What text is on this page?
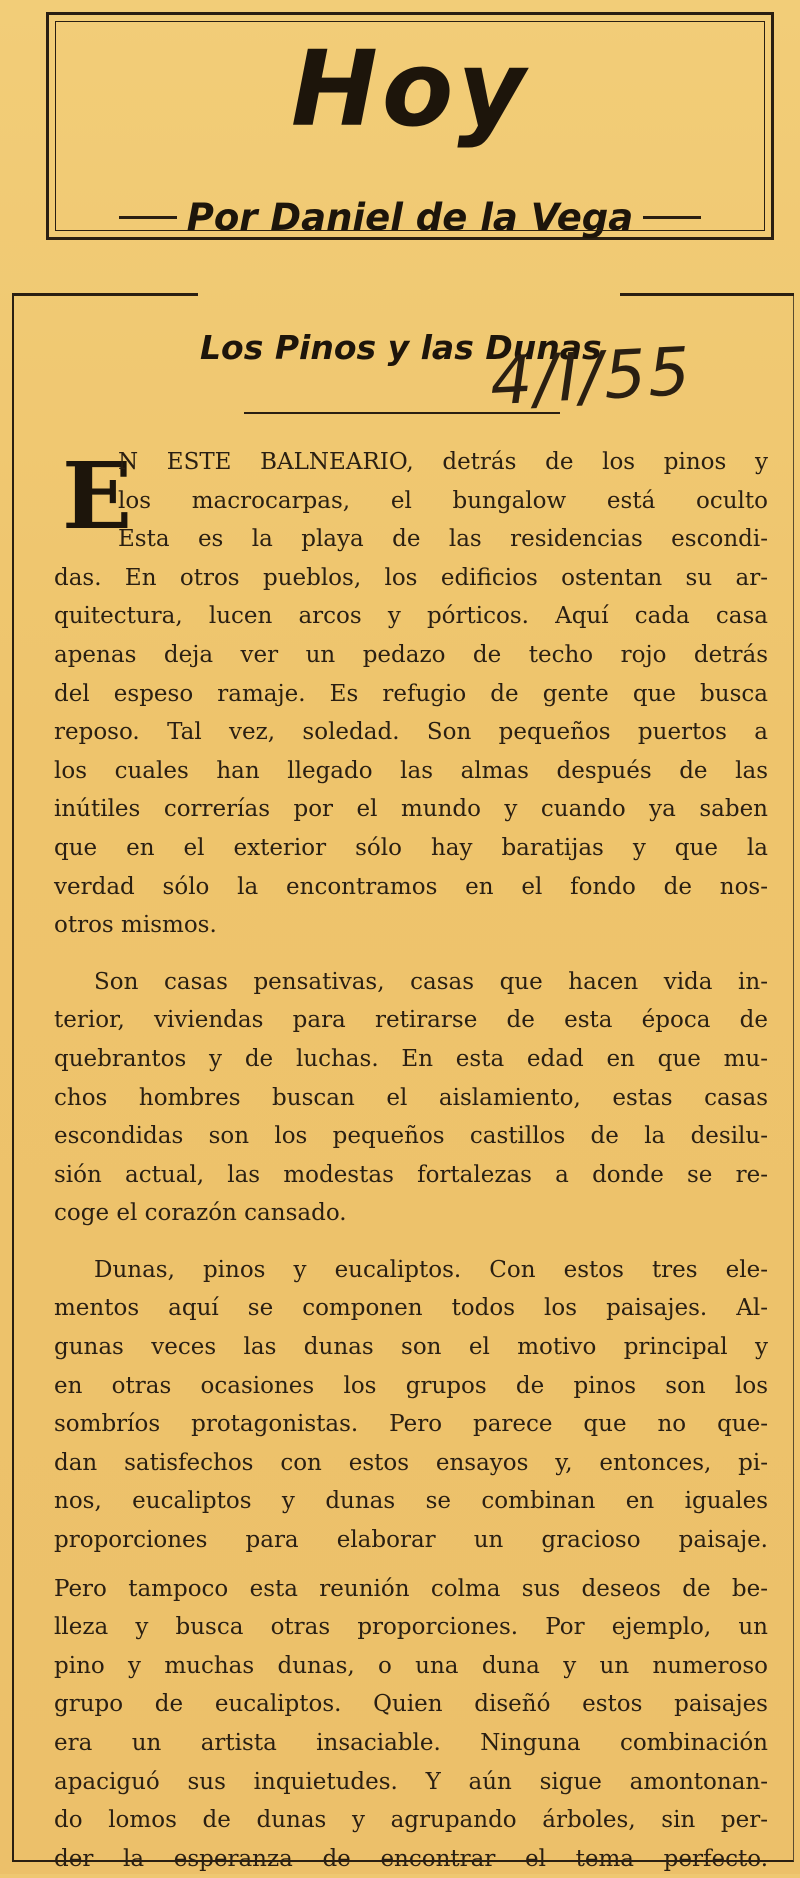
Hoy
Por Daniel de la Vega
Los Pinos y las Dunas
4/I/55
E

N ESTE BALNEARIO, detrás de los pinos y
los macrocarpas, el bungalow está oculto
Esta es la playa de las residencias escondi-
das. En otros pueblos, los edificios ostentan su ar-
quitectura, lucen arcos y pórticos. Aquí cada casa
apenas deja ver un pedazo de techo rojo detrás
del espeso ramaje. Es refugio de gente que busca
reposo. Tal vez, soledad. Son pequeños puertos a
los cuales han llegado las almas después de las
inútiles correrías por el mundo y cuando ya saben
que en el exterior sólo hay baratijas y que la
verdad sólo la encontramos en el fondo de nos-
otros mismos.

Son casas pensativas, casas que hacen vida in-
terior, viviendas para retirarse de esta época de
quebrantos y de luchas. En esta edad en que mu-
chos hombres buscan el aislamiento, estas casas
escondidas son los pequeños castillos de la desilu-
sión actual, las modestas fortalezas a donde se re-
coge el corazón cansado.

Dunas, pinos y eucaliptos. Con estos tres ele-
mentos aquí se componen todos los paisajes. Al-
gunas veces las dunas son el motivo principal y
en otras ocasiones los grupos de pinos son los
sombríos protagonistas. Pero parece que no que-
dan satisfechos con estos ensayos y, entonces, pi-
nos, eucaliptos y dunas se combinan en iguales
proporciones para elaborar un gracioso paisaje.

Pero tampoco esta reunión colma sus deseos de be-
lleza y busca otras proporciones. Por ejemplo, un
pino y muchas dunas, o una duna y un numeroso
grupo de eucaliptos. Quien diseñó estos paisajes
era un artista insaciable. Ninguna combinación
apaciguó sus inquietudes. Y aún sigue amontonan-
do lomos de dunas y agrupando árboles, sin per-
der la esperanza de encontrar el tema perfecto.
